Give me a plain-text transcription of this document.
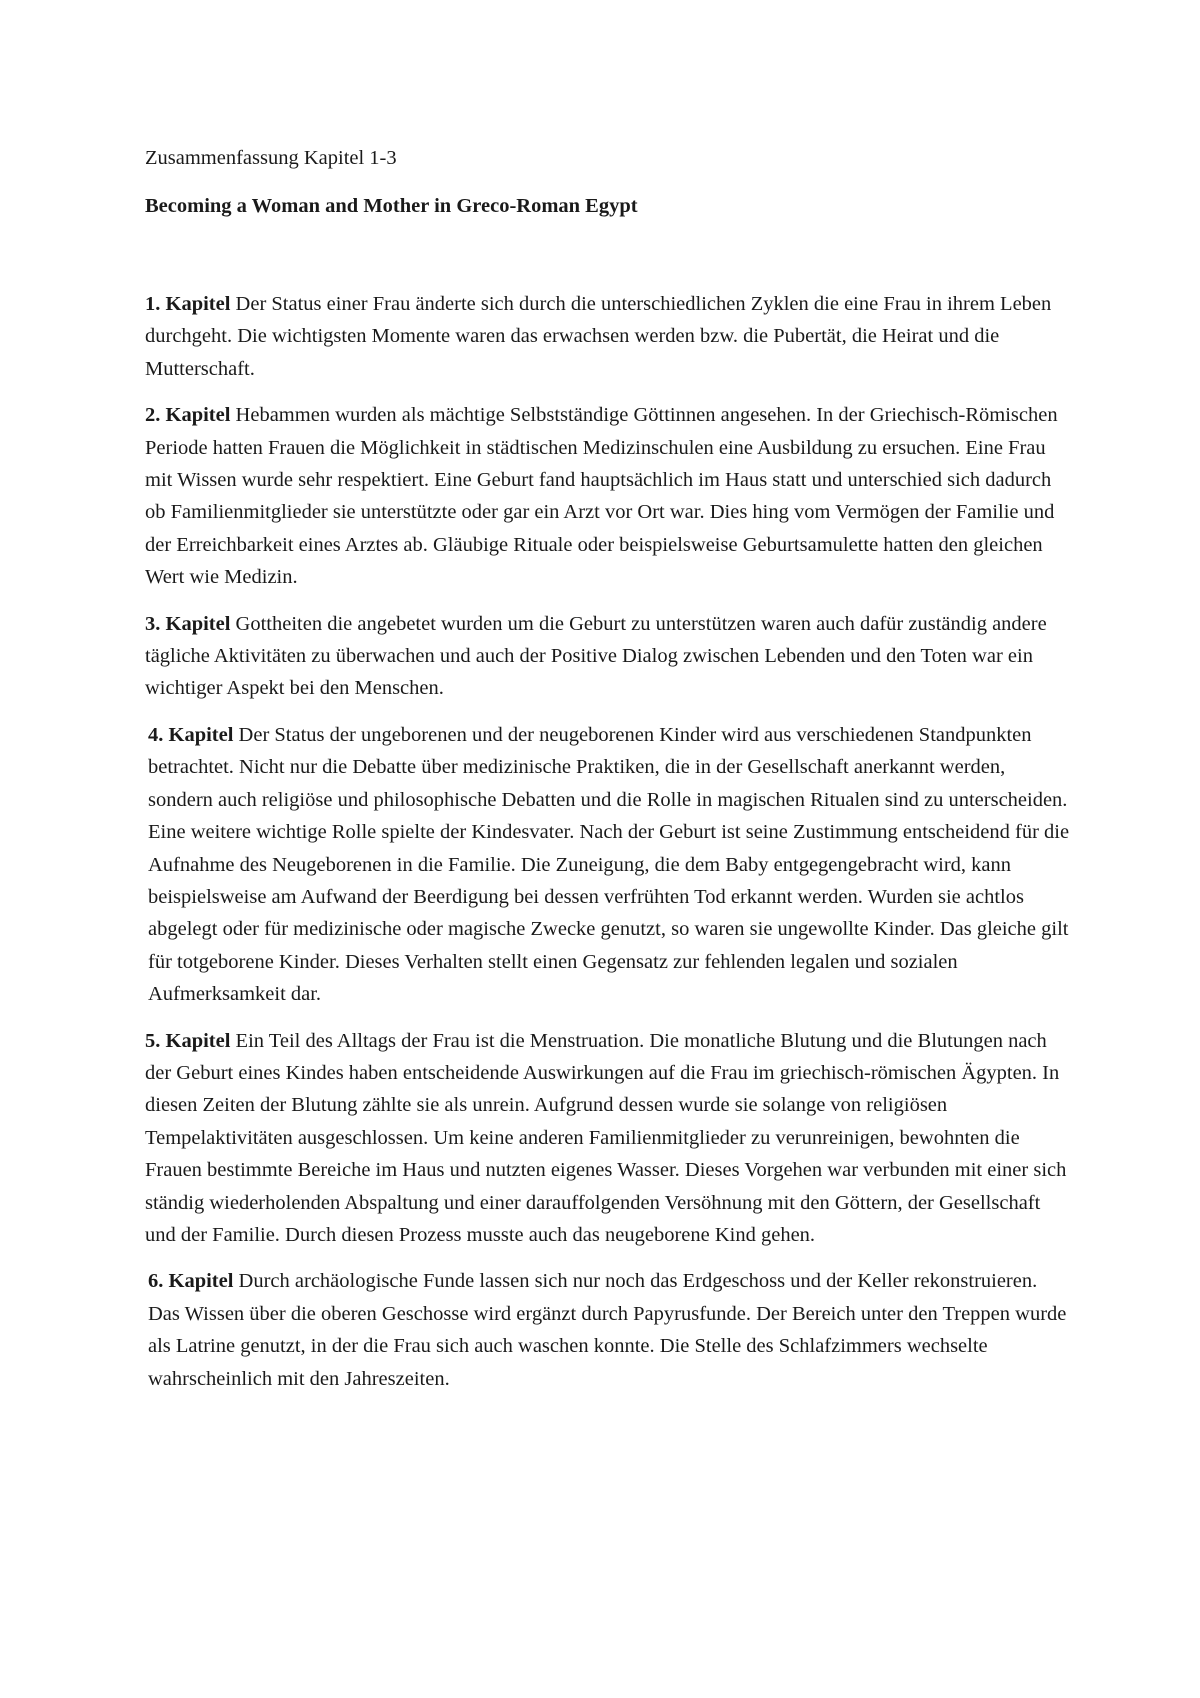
Zusammenfassung Kapitel 1-3

Becoming a Woman and Mother in Greco-Roman Egypt

1. Kapitel Der Status einer Frau änderte sich durch die unterschiedlichen Zyklen die eine Frau in ihrem Leben durchgeht. Die wichtigsten Momente waren das erwachsen werden bzw. die Pubertät, die Heirat und die Mutterschaft.

2. Kapitel Hebammen wurden als mächtige Selbstständige Göttinnen angesehen. In der Griechisch-Römischen Periode hatten Frauen die Möglichkeit in städtischen Medizinschulen eine Ausbildung zu ersuchen. Eine Frau mit Wissen wurde sehr respektiert. Eine Geburt fand hauptsächlich im Haus statt und unterschied sich dadurch ob Familienmitglieder sie unterstützte oder gar ein Arzt vor Ort war. Dies hing vom Vermögen der Familie und der Erreichbarkeit eines Arztes ab. Gläubige Rituale oder beispielsweise Geburtsamulette hatten den gleichen Wert wie Medizin.

3. Kapitel Gottheiten die angebetet wurden um die Geburt zu unterstützen waren auch dafür zuständig andere tägliche Aktivitäten zu überwachen und auch der Positive Dialog zwischen Lebenden und den Toten war ein wichtiger Aspekt bei den Menschen.

4. Kapitel Der Status der ungeborenen und der neugeborenen Kinder wird aus verschiedenen Standpunkten betrachtet. Nicht nur die Debatte über medizinische Praktiken, die in der Gesellschaft anerkannt werden, sondern auch religiöse und philosophische Debatten und die Rolle in magischen Ritualen sind zu unterscheiden. Eine weitere wichtige Rolle spielte der Kindesvater. Nach der Geburt ist seine Zustimmung entscheidend für die Aufnahme des Neugeborenen in die Familie. Die Zuneigung, die dem Baby entgegengebracht wird, kann beispielsweise am Aufwand der Beerdigung bei dessen verfrühten Tod erkannt werden. Wurden sie achtlos abgelegt oder für medizinische oder magische Zwecke genutzt, so waren sie ungewollte Kinder. Das gleiche gilt für totgeborene Kinder. Dieses Verhalten stellt einen Gegensatz zur fehlenden legalen und sozialen Aufmerksamkeit dar.

5. Kapitel Ein Teil des Alltags der Frau ist die Menstruation. Die monatliche Blutung und die Blutungen nach der Geburt eines Kindes haben entscheidende Auswirkungen auf die Frau im griechisch-römischen Ägypten. In diesen Zeiten der Blutung zählte sie als unrein. Aufgrund dessen wurde sie solange von religiösen Tempelaktivitäten ausgeschlossen. Um keine anderen Familienmitglieder zu verunreinigen, bewohnten die Frauen bestimmte Bereiche im Haus und nutzten eigenes Wasser. Dieses Vorgehen war verbunden mit einer sich ständig wiederholenden Abspaltung und einer darauffolgenden Versöhnung mit den Göttern, der Gesellschaft und der Familie. Durch diesen Prozess musste auch das neugeborene Kind gehen.

6. Kapitel Durch archäologische Funde lassen sich nur noch das Erdgeschoss und der Keller rekonstruieren. Das Wissen über die oberen Geschosse wird ergänzt durch Papyrusfunde. Der Bereich unter den Treppen wurde als Latrine genutzt, in der die Frau sich auch waschen konnte. Die Stelle des Schlafzimmers wechselte wahrscheinlich mit den Jahreszeiten.
